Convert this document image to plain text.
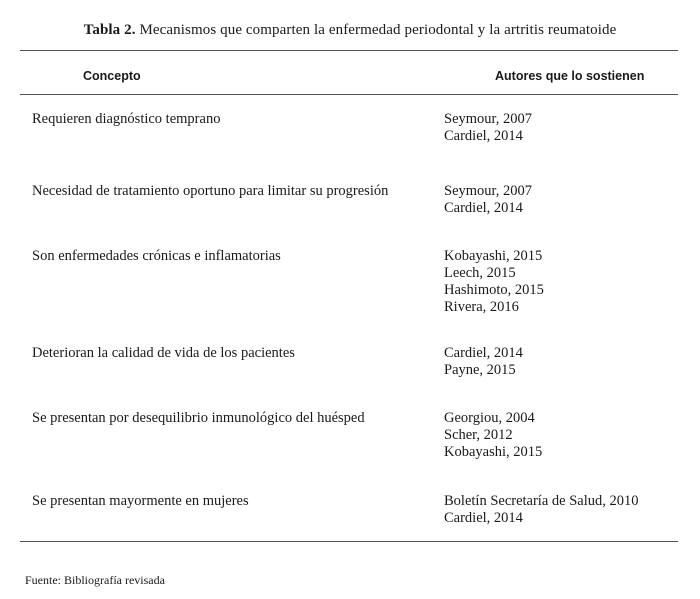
Tabla 2. Mecanismos que comparten la enfermedad periodontal y la artritis reumatoide
Concepto	Autores que lo sostienen
Requieren diagnóstico temprano	Seymour, 2007
Cardiel, 2014
Necesidad de tratamiento oportuno para limitar su progresión	Seymour, 2007
Cardiel, 2014
Son enfermedades crónicas e inflamatorias	Kobayashi, 2015
Leech, 2015
Hashimoto, 2015
Rivera, 2016
Deterioran la calidad de vida de los pacientes	Cardiel, 2014
Payne, 2015
Se presentan por desequilibrio inmunológico del huésped	Georgiou, 2004
Scher, 2012
Kobayashi, 2015
Se presentan mayormente en mujeres	Boletín Secretaría de Salud, 2010
Cardiel, 2014
Fuente: Bibliografía revisada
